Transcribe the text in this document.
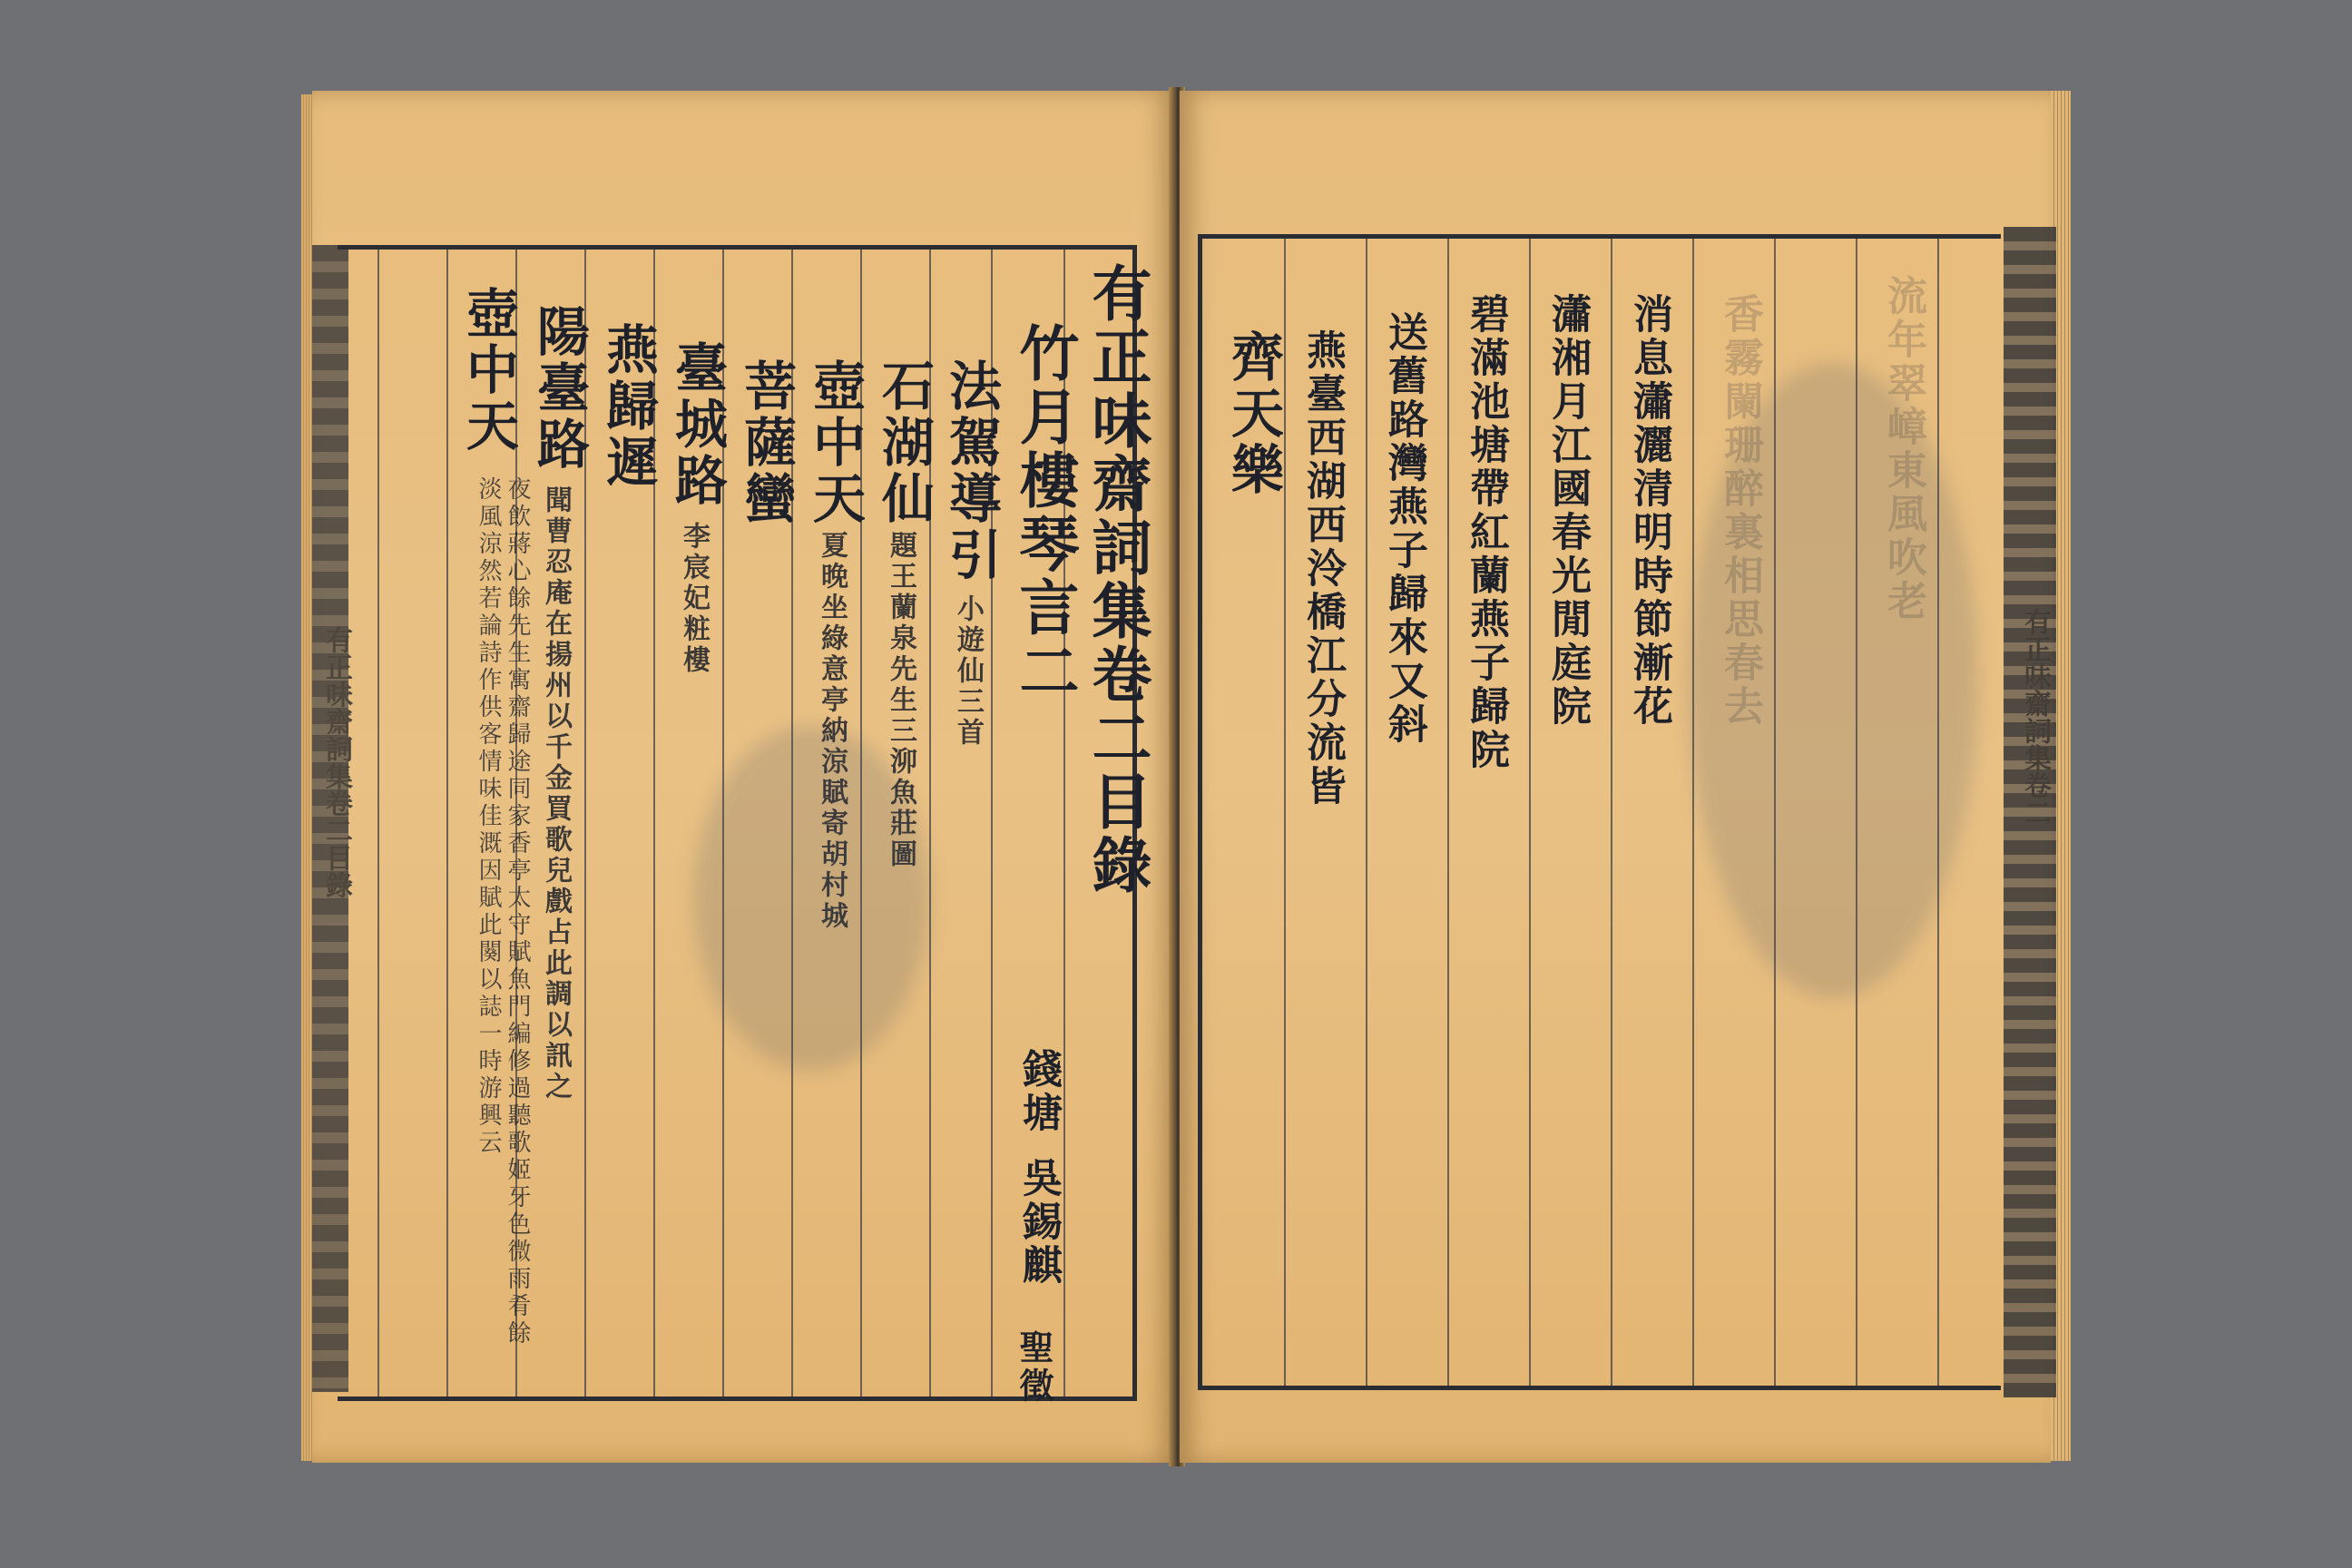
有正味齋詞集卷二目錄	有正味齋詞集卷二目錄
錢塘
吳錫麒
聖徵
竹月樓琴言二
法駕導引
小遊仙三首
石湖仙
題王蘭泉先生三泖魚莊圖
壺中天
夏晚坐綠意亭納涼賦寄胡村城
菩薩蠻
臺城路
李宸妃粧樓
燕歸遲
陽臺路
聞曹忍庵在揚州以千金買歌兒戲占此調以訊之
壺中天
夜飲蔣心餘先生寓齋歸途同家香亭太守賦魚門編修過聽歌姬牙色微雨肴餘淡風涼然若論詩作供客情味佳溉因賦此闋以誌一時游興云
齊天樂 燕臺西湖西泠橋江分流皆 送舊路灣燕子歸來又斜 碧滿池塘帶紅蘭燕子歸院 瀟湘月江國春光閒庭院 消息瀟灑清明時節漸花 香霧闌珊醉裏相思春去	流年翠嶂東風吹老
有正味齋詞集卷二
